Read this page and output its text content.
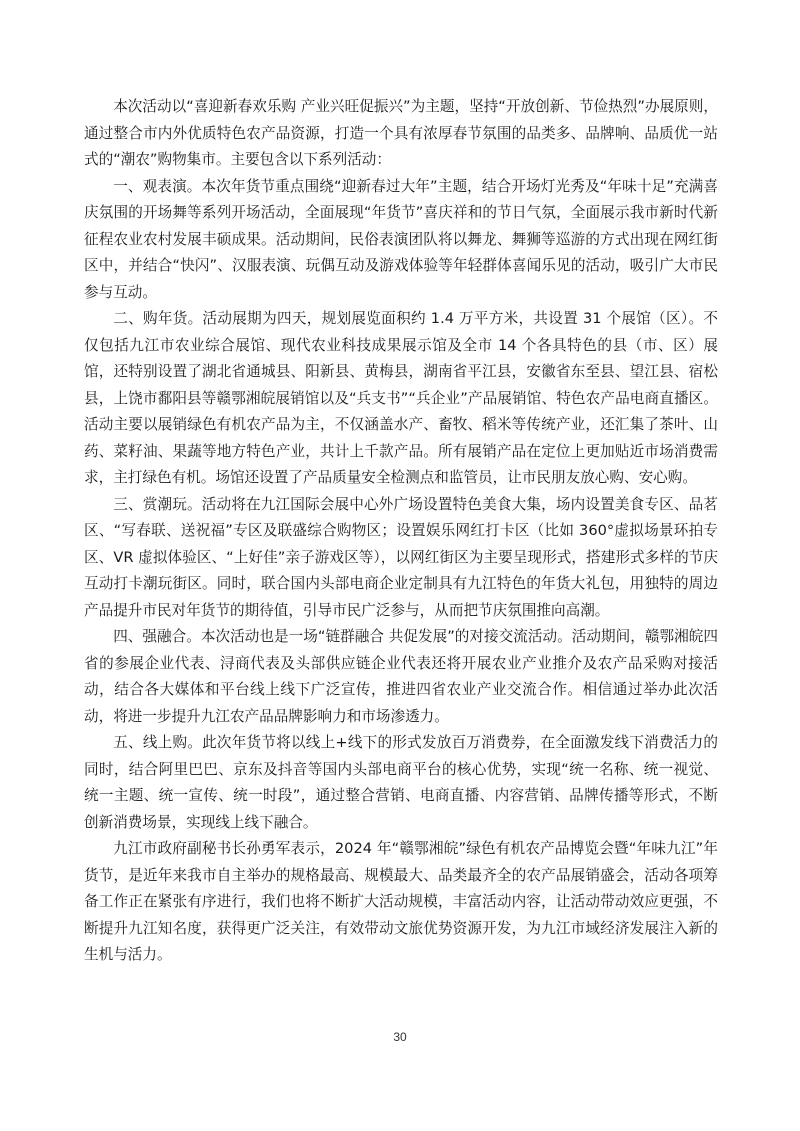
本次活动以“喜迎新春欢乐购 产业兴旺促振兴”为主题，坚持“开放创新、节俭热烈”办展原则，通过整合市内外优质特色农产品资源，打造一个具有浓厚春节氛围的品类多、品牌响、品质优一站式的“潮农”购物集市。主要包含以下系列活动：

一、观表演。本次年货节重点围绕“迎新春过大年”主题，结合开场灯光秀及“年味十足”充满喜庆氛围的开场舞等系列开场活动，全面展现“年货节”喜庆祥和的节日气氛，全面展示我市新时代新征程农业农村发展丰硕成果。活动期间，民俗表演团队将以舞龙、舞狮等巡游的方式出现在网红街区中，并结合“快闪”、汉服表演、玩偶互动及游戏体验等年轻群体喜闻乐见的活动，吸引广大市民参与互动。

二、购年货。活动展期为四天，规划展览面积约 1.4 万平方米，共设置 31 个展馆（区）。不仅包括九江市农业综合展馆、现代农业科技成果展示馆及全市 14 个各具特色的县（市、区）展馆，还特别设置了湖北省通城县、阳新县、黄梅县，湖南省平江县，安徽省东至县、望江县、宿松县，上饶市鄱阳县等赣鄂湘皖展销馆以及“兵支书”“兵企业”产品展销馆、特色农产品电商直播区。活动主要以展销绿色有机农产品为主，不仅涵盖水产、畜牧、稻米等传统产业，还汇集了茶叶、山药、菜籽油、果蔬等地方特色产业，共计上千款产品。所有展销产品在定位上更加贴近市场消费需求，主打绿色有机。场馆还设置了产品质量安全检测点和监管员，让市民朋友放心购、安心购。

三、赏潮玩。活动将在九江国际会展中心外广场设置特色美食大集，场内设置美食专区、品茗区、“写春联、送祝福”专区及联盛综合购物区；设置娱乐网红打卡区（比如 360°虚拟场景环拍专区、VR 虚拟体验区、“上好佳”亲子游戏区等），以网红街区为主要呈现形式，搭建形式多样的节庆互动打卡潮玩街区。同时，联合国内头部电商企业定制具有九江特色的年货大礼包，用独特的周边产品提升市民对年货节的期待值，引导市民广泛参与，从而把节庆氛围推向高潮。

四、强融合。本次活动也是一场“链群融合 共促发展”的对接交流活动。活动期间，赣鄂湘皖四省的参展企业代表、浔商代表及头部供应链企业代表还将开展农业产业推介及农产品采购对接活动，结合各大媒体和平台线上线下广泛宣传，推进四省农业产业交流合作。相信通过举办此次活动，将进一步提升九江农产品品牌影响力和市场渗透力。

五、线上购。此次年货节将以线上+线下的形式发放百万消费券，在全面激发线下消费活力的同时，结合阿里巴巴、京东及抖音等国内头部电商平台的核心优势，实现“统一名称、统一视觉、统一主题、统一宣传、统一时段”，通过整合营销、电商直播、内容营销、品牌传播等形式，不断创新消费场景，实现线上线下融合。

九江市政府副秘书长孙勇军表示，2024 年“赣鄂湘皖”绿色有机农产品博览会暨“年味九江”年货节，是近年来我市自主举办的规格最高、规模最大、品类最齐全的农产品展销盛会，活动各项筹备工作正在紧张有序进行，我们也将不断扩大活动规模，丰富活动内容，让活动带动效应更强，不断提升九江知名度，获得更广泛关注，有效带动文旅优势资源开发，为九江市域经济发展注入新的生机与活力。

30
